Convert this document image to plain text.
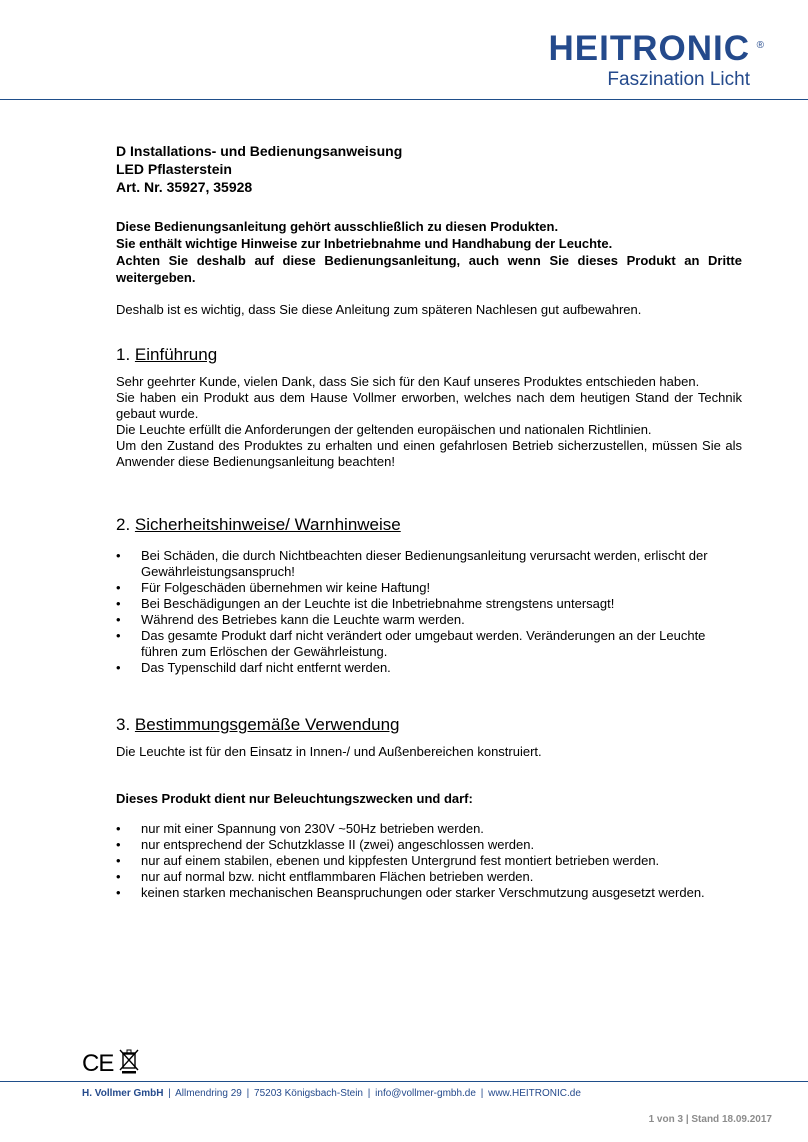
HEITRONIC ®
Faszination Licht
D Installations- und Bedienungsanweisung
LED Pflasterstein
Art. Nr. 35927, 35928
Diese Bedienungsanleitung gehört ausschließlich zu diesen Produkten.
Sie enthält wichtige Hinweise zur Inbetriebnahme und Handhabung der Leuchte.
Achten Sie deshalb auf diese Bedienungsanleitung, auch wenn Sie dieses Produkt an Dritte weitergeben.

Deshalb ist es wichtig, dass Sie diese Anleitung zum späteren Nachlesen gut aufbewahren.

1. Einführung

Sehr geehrter Kunde, vielen Dank, dass Sie sich für den Kauf unseres Produktes entschieden haben.

Sie haben ein Produkt aus dem Hause Vollmer erworben, welches nach dem heutigen Stand der Technik gebaut wurde.

Die Leuchte erfüllt die Anforderungen der geltenden europäischen und nationalen Richtlinien.

Um den Zustand des Produktes zu erhalten und einen gefahrlosen Betrieb sicherzustellen, müssen Sie als Anwender diese Bedienungsanleitung beachten!

2. Sicherheitshinweise/ Warnhinweise
• Bei Schäden, die durch Nichtbeachten dieser Bedienungsanleitung verursacht werden, erlischt der Gewährleistungsanspruch!
• Für Folgeschäden übernehmen wir keine Haftung!
• Bei Beschädigungen an der Leuchte ist die Inbetriebnahme strengstens untersagt!
• Während des Betriebes kann die Leuchte warm werden.
• Das gesamte Produkt darf nicht verändert oder umgebaut werden. Veränderungen an der Leuchte führen zum Erlöschen der Gewährleistung.
• Das Typenschild darf nicht entfernt werden.
3. Bestimmungsgemäße Verwendung

Die Leuchte ist für den Einsatz in Innen-/ und Außenbereichen konstruiert.

Dieses Produkt dient nur Beleuchtungszwecken und darf:
• nur mit einer Spannung von 230V ~50Hz betrieben werden.
• nur entsprechend der Schutzklasse II (zwei) angeschlossen werden.
• nur auf einem stabilen, ebenen und kippfesten Untergrund fest montiert betrieben werden.
• nur auf normal bzw. nicht entflammbaren Flächen betrieben werden.
• keinen starken mechanischen Beanspruchungen oder starker Verschmutzung ausgesetzt werden.
CE
H. Vollmer GmbH | Allmendring 29 | 75203 Königsbach-Stein | info@vollmer-gmbh.de | www.HEITRONIC.de
1 von 3 | Stand 18.09.2017
